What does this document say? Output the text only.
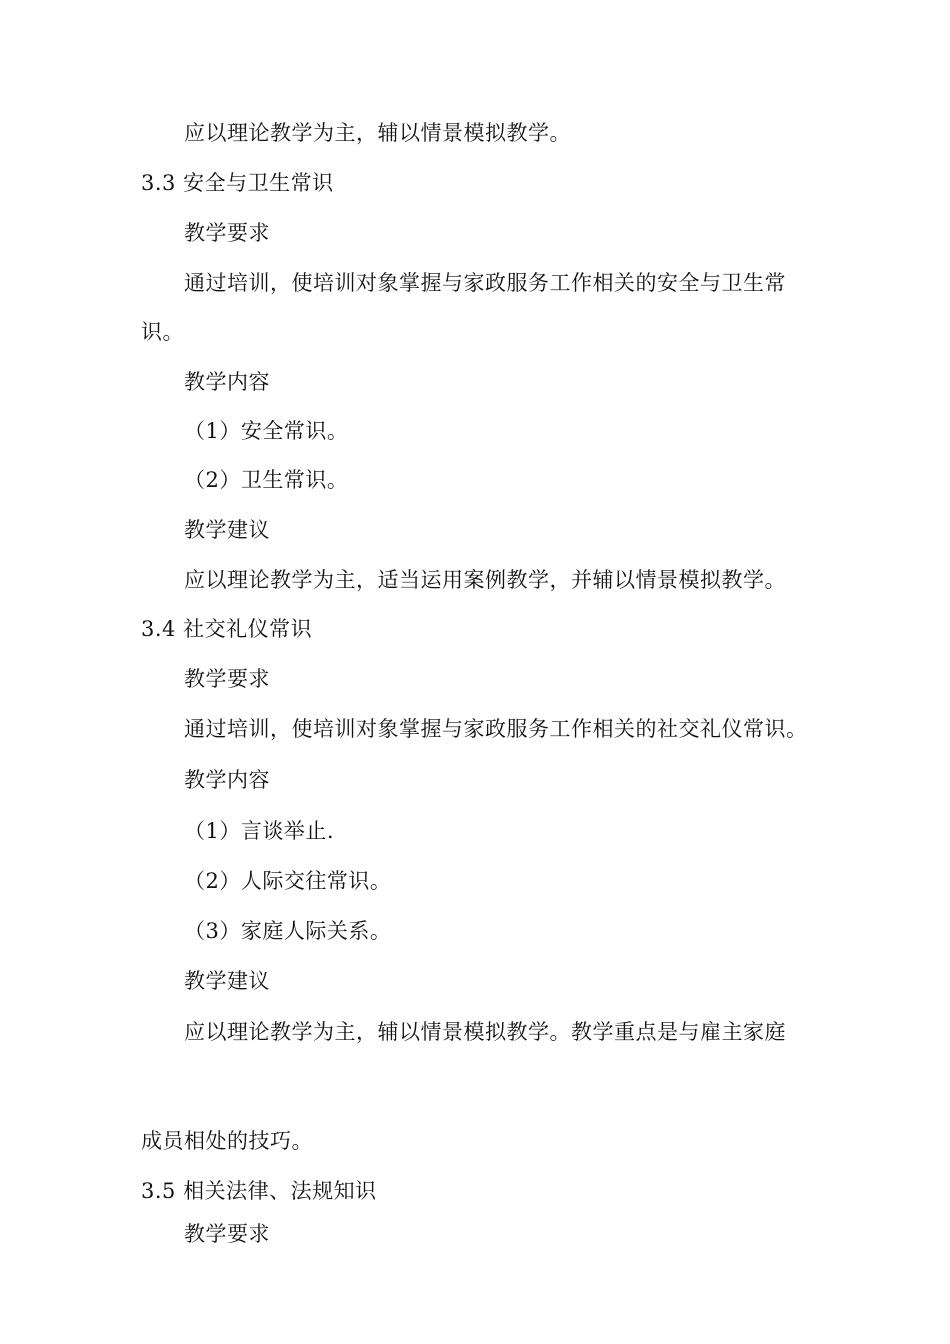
应以理论教学为主，辅以情景模拟教学。
3.3 安全与卫生常识
教学要求
通过培训，使培训对象掌握与家政服务工作相关的安全与卫生常
识。
教学内容
（1）安全常识。
（2）卫生常识。
教学建议
应以理论教学为主，适当运用案例教学，并辅以情景模拟教学。
3.4 社交礼仪常识
教学要求
通过培训，使培训对象掌握与家政服务工作相关的社交礼仪常识。
教学内容
（1）言谈举止.
（2）人际交往常识。
（3）家庭人际关系。
教学建议
应以理论教学为主，辅以情景模拟教学。教学重点是与雇主家庭
成员相处的技巧。
3.5 相关法律、法规知识
教学要求
